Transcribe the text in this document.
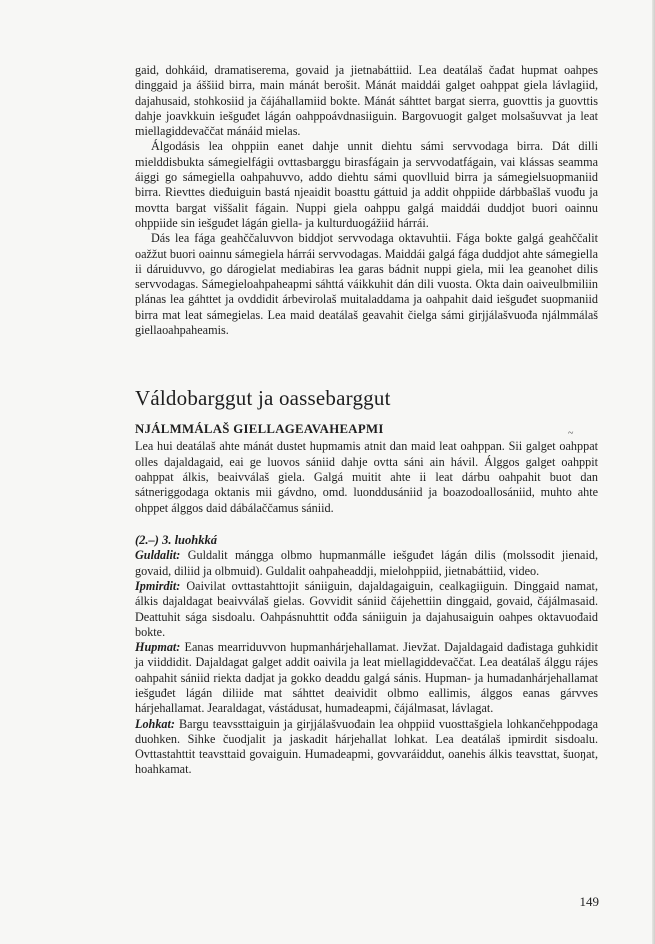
gaid, dohkáid, dramatiserema, govaid ja jietnabáttiid. Lea deatálaš čađat hupmat oahpes dinggaid ja áššiid birra, main mánát berošit. Mánát maiddái galget oahppat giela lávlagiid, dajahusaid, stohkosiid ja čájáhallamiid bokte. Mánát sáhttet bargat sierra, guovttis ja guovttis dahje joavkkuin iešguđet lágán oahppoávdnasiiguin. Bargovuogit galget molsašuvvat ja leat miellagiddevaččat mánáid mielas.

Álgodásis lea ohppiin eanet dahje unnit diehtu sámi servvodaga birra. Dát dilli mielddisbukta sámegielfágii ovttasbarggu birasfágain ja servvodatfágain, vai klássas seamma áiggi go sámegiella oahpahuvvo, addo diehtu sámi quovlluid birra ja sámegielsuopmaniid birra. Rievttes dieđuiguin bastá njeaidit boasttu gáttuid ja addit ohppiide dárbbašlaš vuođu ja movtta bargat viššalit fágain. Nuppi giela oahppu galgá maiddái duddjot buori oainnu ohppiide sin iešguđet lágán giella- ja kulturduogážiid hárrái.

Dás lea fága geahččaluvvon biddjot servvodaga oktavuhtii. Fága bokte galgá geahččalit oažžut buori oainnu sámegiela hárrái servvodagas. Maiddái galgá fága duddjot ahte sámegiella ii dáruiduvvo, go dárogielat mediabiras lea garas bádnit nuppi giela, mii lea geanohet dilis servvodagas. Sámegieloahpaheapmi sáhttá váikkuhit dán dili vuosta. Okta dain oaiveulbmiliin plánas lea gáhttet ja ovddidit árbevirolaš muitaladdama ja oahpahit daid iešguđet suopmaniid birra mat leat sámegielas. Lea maid deatálaš geavahit čielga sámi girjjálašvuođa njálmmálaš giellaoahpaheamis.

Váldobarggut ja oassebarggut
NJÁLMMÁLAŠ GIELLAGEAVAHEAPMI

Lea hui deatálaš ahte mánát dustet hupmamis atnit dan maid leat oahppan. Sii galget oahppat olles dajaldagaid, eai ge luovos sániid dahje ovtta sáni ain hávil. Álggos galget oahppit oahppat álkis, beaivválaš giela. Galgá muitit ahte ii leat dárbu oahpahit buot dan sátneriggodaga oktanis mii gávdno, omd. luonddusániid ja boazodoallosániid, muhto ahte ohppet álggos daid dábálaččamus sániid.

(2.–) 3. luohkká

Guldalit: Guldalit mángga olbmo hupmanmálle iešguđet lágán dilis (molssodit jienaid, govaid, diliid ja olbmuid). Guldalit oahpaheaddji, mielohppiid, jietnabáttiid, video.

Ipmirdit: Oaivilat ovttastahttojit sániiguin, dajaldagaiguin, cealkagiiguin. Dinggaid namat, álkis dajaldagat beaivválaš gielas. Govvidit sániid čájehettiin dinggaid, govaid, čájálmasaid. Deattuhit sága sisdoalu. Oahpásnuhttit ođđa sániiguin ja dajahusaiguin oahpes oktavuođaid bokte.

Hupmat: Eanas mearriduvvon hupmanhárjehallamat. Jievžat. Dajaldagaid dađistaga guhkidit ja viiddidit. Dajaldagat galget addit oaivila ja leat miellagiddevaččat. Lea deatálaš álggu rájes oahpahit sániid riekta dadjat ja gokko deaddu galgá sánis. Hupman- ja humadanhárjehallamat iešguđet lágán diliide mat sáhttet deaividit olbmo eallimis, álggos eanas gárvves hárjehallamat. Jearaldagat, vástádusat, humadeapmi, čájálmasat, lávlagat.

Lohkat: Bargu teavssttaiguin ja girjjálašvuođain lea ohppiid vuosttašgiela lohkančehppodaga duohken. Sihke čuodjalit ja jaskadit hárjehallat lohkat. Lea deatálaš ipmirdit sisdoalu. Ovttastahttit teavsttaid govaiguin. Humadeapmi, govvaráiddut, oanehis álkis teavsttat, šuoŋat, hoahkamat.

~
149
